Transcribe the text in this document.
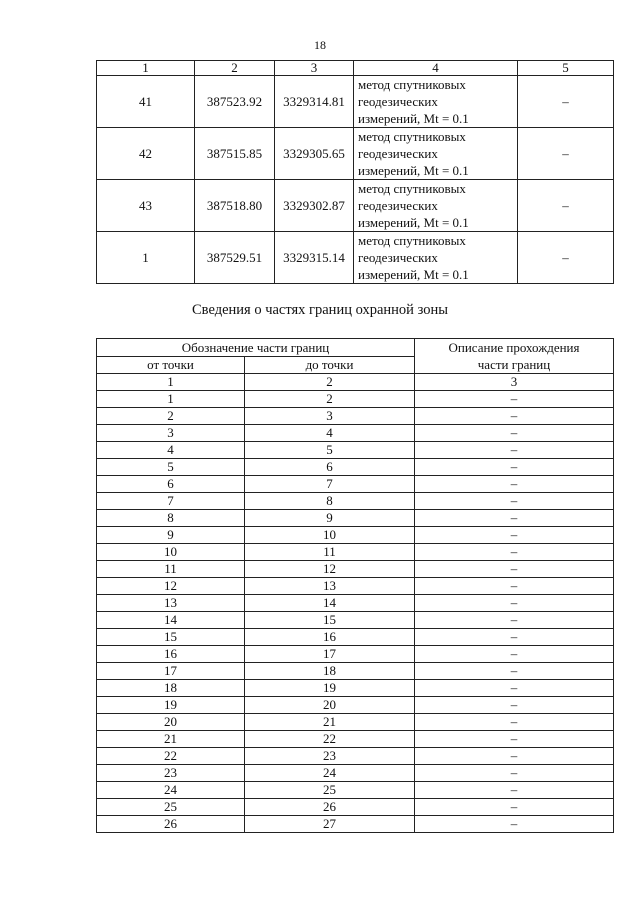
18
1	2	3	4	5
41	387523.92	3329314.81	метод спутниковых
геодезических
измерений, Mt = 0.1	–
42	387515.85	3329305.65	метод спутниковых
геодезических
измерений, Mt = 0.1	–
43	387518.80	3329302.87	метод спутниковых
геодезических
измерений, Mt = 0.1	–
1	387529.51	3329315.14	метод спутниковых
геодезических
измерений, Mt = 0.1	–
Сведения о частях границ охранной зоны
Обозначение части границ		Описание прохождения
части границ

от точки	до точки	
1	2	3
1	2	–
2	3	–
3	4	–
4	5	–
5	6	–
6	7	–
7	8	–
8	9	–
9	10	–
10	11	–
11	12	–
12	13	–
13	14	–
14	15	–
15	16	–
16	17	–
17	18	–
18	19	–
19	20	–
20	21	–
21	22	–
22	23	–
23	24	–
24	25	–
25	26	–
26	27	–
